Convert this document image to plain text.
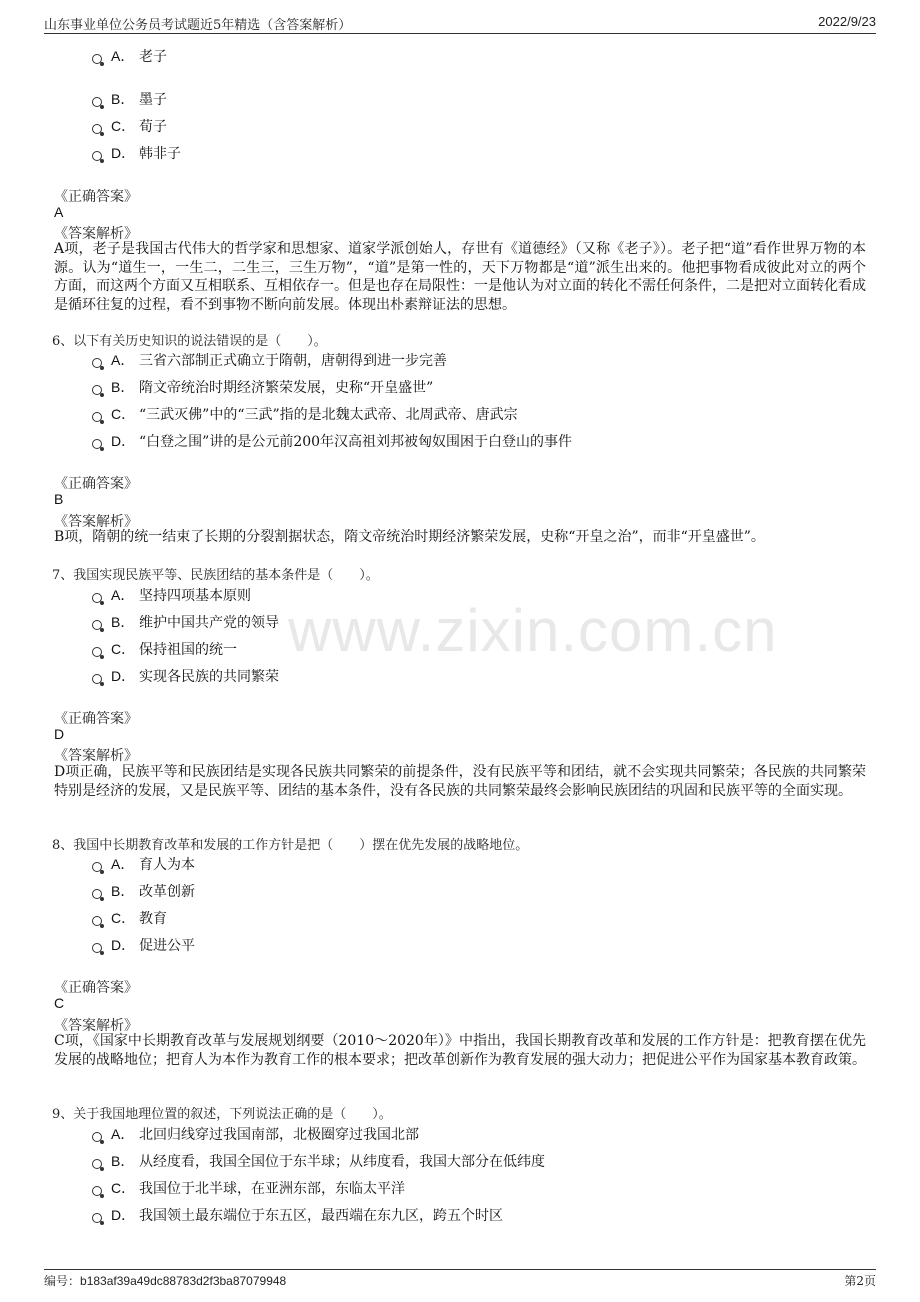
山东事业单位公务员考试题近5年精选（含答案解析）	2022/9/23
www.zixin.com.cn
A． 老子
B． 墨子
C． 荀子
D． 韩非子
《正确答案》
A
《答案解析》
A项，老子是我国古代伟大的哲学家和思想家、道家学派创始人，存世有《道德经》（又称《老子》）。老子把“道”看作世界万物的本源。认为“道生一，一生二，二生三，三生万物”，“道”是第一性的，天下万物都是“道”派生出来的。他把事物看成彼此对立的两个方面，而这两个方面又互相联系、互相依存一。但是也存在局限性：一是他认为对立面的转化不需任何条件，二是把对立面转化看成是循环往复的过程，看不到事物不断向前发展。体现出朴素辩证法的思想。
6、以下有关历史知识的说法错误的是（　　）。
A． 三省六部制正式确立于隋朝，唐朝得到进一步完善
B． 隋文帝统治时期经济繁荣发展，史称“开皇盛世”
C． “三武灭佛”中的“三武”指的是北魏太武帝、北周武帝、唐武宗
D． “白登之围”讲的是公元前200年汉高祖刘邦被匈奴围困于白登山的事件
《正确答案》
B
《答案解析》
B项，隋朝的统一结束了长期的分裂割据状态，隋文帝统治时期经济繁荣发展，史称“开皇之治”，而非“开皇盛世”。
7、我国实现民族平等、民族团结的基本条件是（　　）。
A． 坚持四项基本原则
B． 维护中国共产党的领导
C． 保持祖国的统一
D． 实现各民族的共同繁荣
《正确答案》
D
《答案解析》
D项正确，民族平等和民族团结是实现各民族共同繁荣的前提条件，没有民族平等和团结，就不会实现共同繁荣；各民族的共同繁荣特别是经济的发展，又是民族平等、团结的基本条件，没有各民族的共同繁荣最终会影响民族团结的巩固和民族平等的全面实现。
8、我国中长期教育改革和发展的工作方针是把（　　）摆在优先发展的战略地位。
A． 育人为本
B． 改革创新
C． 教育
D． 促进公平
《正确答案》
C
《答案解析》
C项，《国家中长期教育改革与发展规划纲要（2010～2020年）》中指出，我国长期教育改革和发展的工作方针是：把教育摆在优先发展的战略地位；把育人为本作为教育工作的根本要求；把改革创新作为教育发展的强大动力；把促进公平作为国家基本教育政策。
9、关于我国地理位置的叙述，下列说法正确的是（　　）。
A． 北回归线穿过我国南部，北极圈穿过我国北部
B． 从经度看，我国全国位于东半球；从纬度看，我国大部分在低纬度
C． 我国位于北半球，在亚洲东部，东临太平洋
D． 我国领土最东端位于东五区，最西端在东九区，跨五个时区
编号：b183af39a49dc88783d2f3ba87079948	第2页
